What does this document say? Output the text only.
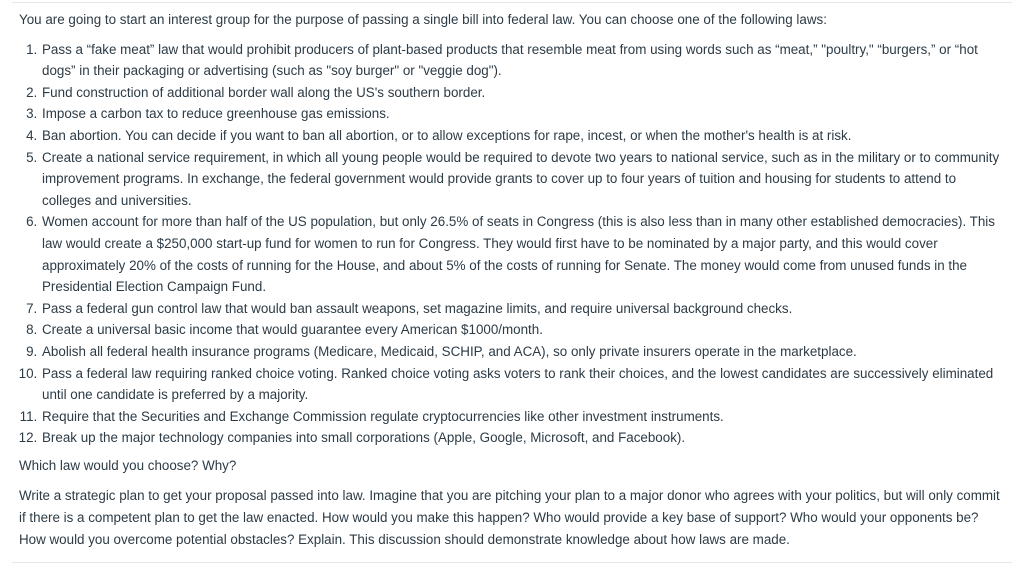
You are going to start an interest group for the purpose of passing a single bill into federal law. You can choose one of the following laws:

1. Pass a “fake meat” law that would prohibit producers of plant-based products that resemble meat from using words such as “meat,” "poultry," “burgers,” or “hot dogs” in their packaging or advertising (such as "soy burger" or "veggie dog").
2. Fund construction of additional border wall along the US's southern border.
3. Impose a carbon tax to reduce greenhouse gas emissions.
4. Ban abortion. You can decide if you want to ban all abortion, or to allow exceptions for rape, incest, or when the mother's health is at risk.
5. Create a national service requirement, in which all young people would be required to devote two years to national service, such as in the military or to community improvement programs. In exchange, the federal government would provide grants to cover up to four years of tuition and housing for students to attend to colleges and universities.
6. Women account for more than half of the US population, but only 26.5% of seats in Congress (this is also less than in many other established democracies). This law would create a $250,000 start-up fund for women to run for Congress. They would first have to be nominated by a major party, and this would cover approximately 20% of the costs of running for the House, and about 5% of the costs of running for Senate. The money would come from unused funds in the Presidential Election Campaign Fund.
7. Pass a federal gun control law that would ban assault weapons, set magazine limits, and require universal background checks.
8. Create a universal basic income that would guarantee every American $1000/month.
9. Abolish all federal health insurance programs (Medicare, Medicaid, SCHIP, and ACA), so only private insurers operate in the marketplace.
10. Pass a federal law requiring ranked choice voting. Ranked choice voting asks voters to rank their choices, and the lowest candidates are successively eliminated until one candidate is preferred by a majority.
11. Require that the Securities and Exchange Commission regulate cryptocurrencies like other investment instruments.
12. Break up the major technology companies into small corporations (Apple, Google, Microsoft, and Facebook).

Which law would you choose? Why?

Write a strategic plan to get your proposal passed into law. Imagine that you are pitching your plan to a major donor who agrees with your politics, but will only commit if there is a competent plan to get the law enacted. How would you make this happen? Who would provide a key base of support? Who would your opponents be? How would you overcome potential obstacles? Explain. This discussion should demonstrate knowledge about how laws are made.
